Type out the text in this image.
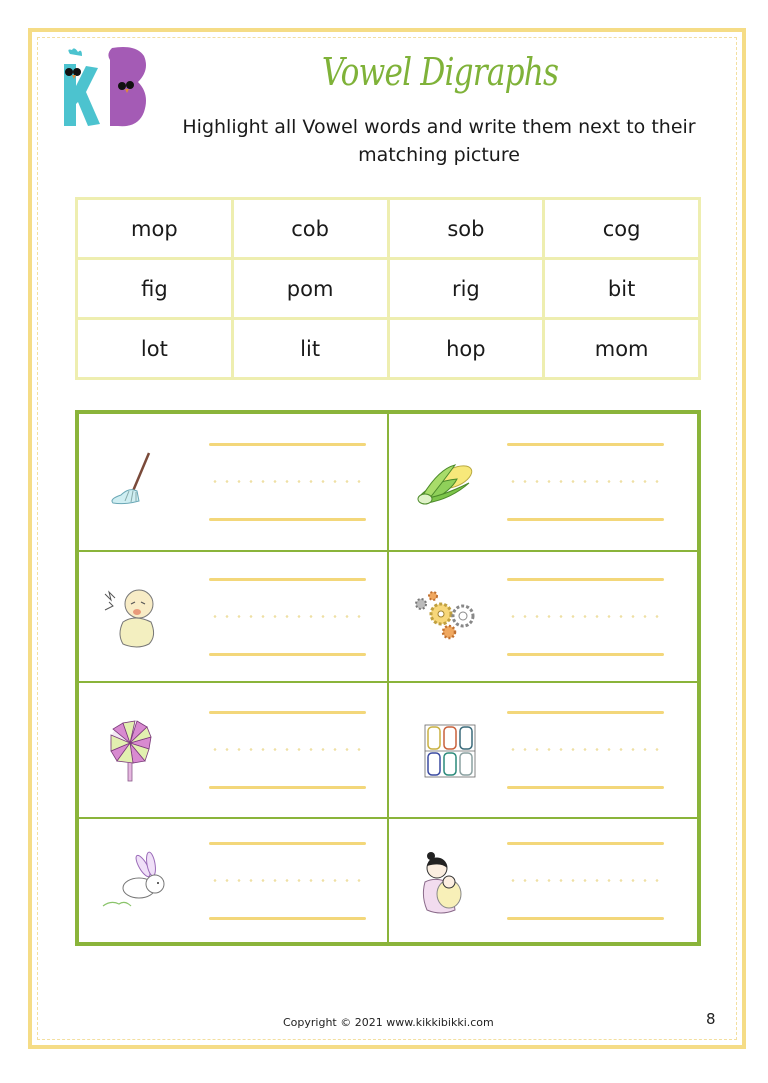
Vowel Digraphs
Highlight all Vowel words and write them next to their matching picture
mop	cob	sob	cog
fig	pom	rig	bit
lot	lit	hop	mom
Copyright © 2021 www.kikkibikki.com	8
